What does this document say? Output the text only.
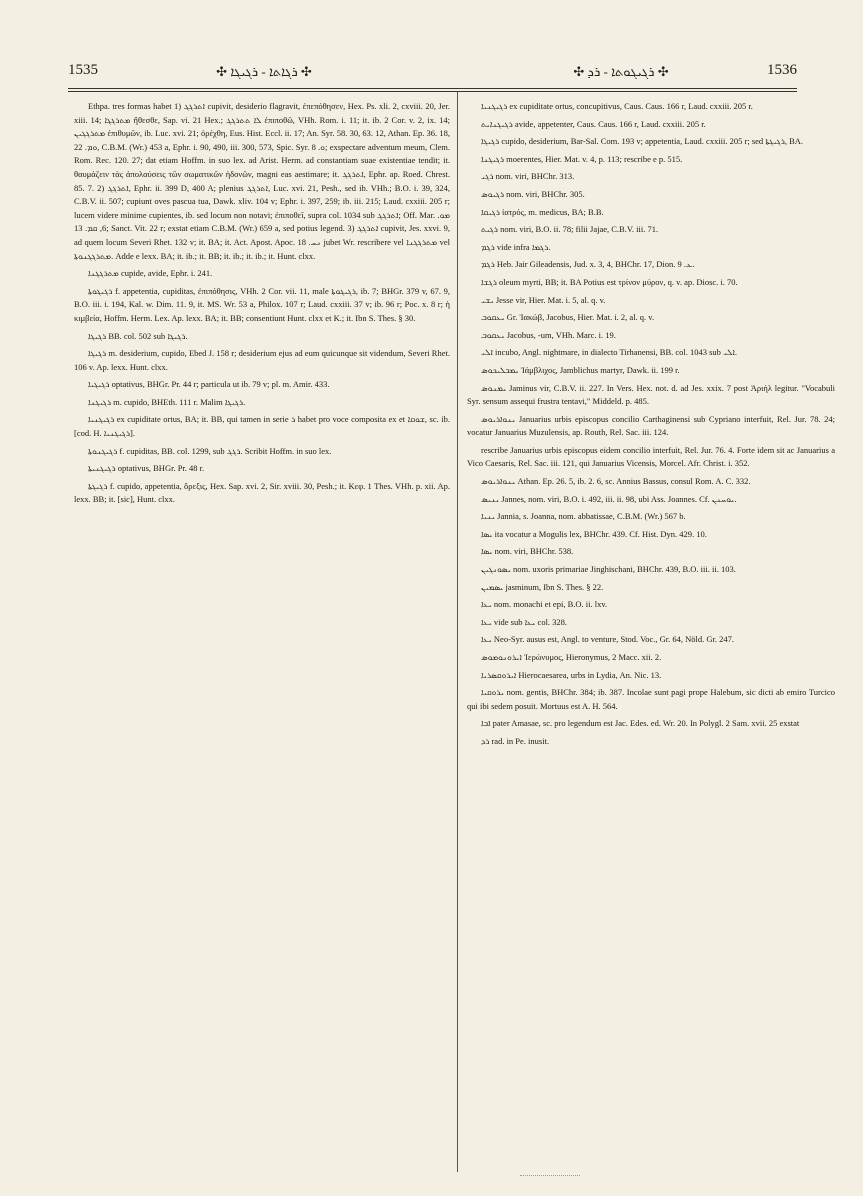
1535	✣ ܪܓܐܬܐ - ܪܓܝܓܐ ✣	✣ ܪܓܝܓܘܬܐ - ܪܕ ✣	1536

Ethpa. tres formas habet 1) ܐܬܪܓܓ cupivit, desiderio flagravit, ἐπεπόθησεν, Hex. Ps. xli. 2, cxviii. 20, Jer. xiii. 14; ܡܬܪܓܓܐ ἤθεσθε, Sap. vi. 21 Hex.; ܠܐ ܬܬܪܓܓ ἐπιποθῶ, VHh. Rom. i. 11; it. ib. 2 Cor. v. 2, ix. 14; ܡܬܪܓܓܝܢ ἐπιθυμῶν, ib. Luc. xvi. 21; ὀρέχθη, Eus. Hist. Eccl. ii. 17; An. Syr. 58. 30, 63. 12, Athan. Ep. 36. 18, ܘܡ. 22, C.B.M. (Wr.) 453 a, Ephr. i. 90, 490, iii. 300, 573, Spic. Syr. ܘ. 8; exspectare adventum meum, Clem. Rom. Rec. 120. 27; dat etiam Hoffm. in suo lex. ad Arist. Herm. ad constantiam suae existentiae tendit; it. θαυμάζειν τὰς ἀπολαύσεις τῶν σωματικῶν ἡδονῶν, magni eas aestimare; it. ܐܬܪܓܓ, Ephr. ap. Roed. Chrest. 85. 7. 2) ܐܬܪܓܓ, Ephr. ii. 399 D, 400 A; plenius ܐܬܪܓܓ, Luc. xvi. 21, Pesh., sed ib. VHh.; B.O. i. 39, 324, C.B.V. ii. 507; cupiunt oves pascua tua, Dawk. xliv. 104 v; Ephr. i. 397, 259; ib. iii. 215; Laud. cxxiii. 205 r; lucem videre minime cupientes, ib. sed locum non notavi; ἐπιποθεῖ, supra col. 1034 sub ܐܬܪܓܓ; Off. Mar. ܡܘ. 6, ܩܡ. 13; Sanct. Vit. 22 r; exstat etiam C.B.M. (Wr.) 659 a, sed potius legend. 3) ܐܬܪܓܓ cupivit, Jes. xxvi. 9, ad quem locum Severi Rhet. 132 v; it. BA; it. Act. Apost. Apoc. ܢܚ. 18 jubet Wr. rescribere vel ܡܬܪܓܓܢܐ vel ܡܬܪܓܓܢܘܬܐ. Adde e lexx. BA; it. ib.; it. BB; it. ib.; it. ib.; it. Hunt. clxx.

ܡܬܪܓܓܢܐ cupide, avide, Ephr. i. 241.

ܪܓܝܓܘܬܐ f. appetentia, cupiditas, ἐπιπόθησις, VHh. 2 Cor. vii. 11, male ܪܓܝܓܘܬܐ, ib. 7; BHGr. 379 v, 67. 9, B.O. iii. i. 194, Kal. w. Dim. 11. 9, it. MS. Wr. 53 a, Philox. 107 r; Laud. cxxiii. 37 v; ib. 96 r; Poc. x. 8 r; ἡ κιμβεία, Hoffm. Herm. Lex. Ap. lexx. BA; it. BB; consentiunt Hunt. clxx et K.; it. Ibn S. Thes. § 30.

ܪܓܝܓܐ BB. col. 502 sub ܪܓܝܓܐ.

ܪܓܝܓܐ m. desiderium, cupido, Ebed J. 158 r; desiderium ejus ad eum quicunque sit videndum, Severi Rhet. 106 v. Ap. lexx. Hunt. clxx.

ܪܓܝܓܝܐ optativus, BHGr. Pr. 44 r; particula ut ib. 79 v; pl. m. Amir. 433.

ܪܓܝܓܢܐ m. cupido, BHEth. 111 r. Malim ܪܓܝܓܐ.

ܪܓܝܓܢܝܐ ex cupiditate ortus, BA; it. BB, qui tamen in serie ܪ habet pro voce composita ex et ܫܘܩܐ, sc. ib. [cod. H. ܪܓܝܓܢܝܐ].

ܪܓܝܓܢܘܬܐ f. cupiditas, BB. col. 1299, sub ܪܓܓ. Scribit Hoffm. in suo lex.

ܪܓܝܓܢܝܬܐ optativus, BHGr. Pr. 48 r.

ܪܓܝܓܬܐ f. cupido, appetentia, ὄρεξις, Hex. Sap. xvi. 2, Sir. xviii. 30, Pesh.; it. Κεφ. 1 Thes. VHh. p. xii. Ap. lexx. BB; it. [sic], Hunt. clxx.

ܪܓܝܓܢܝܐ ex cupiditate ortus, concupitivus, Caus. Caus. 166 r, Laud. cxxiii. 205 r.

ܪܓܝܓܢܐܝܬ avide, appetenter, Caus. Caus. 166 r, Laud. cxxiii. 205 r.

ܪܓܝܓܐ cupido, desiderium, Bar-Sal. Com. 193 v; appetentia, Laud. cxxiii. 205 r; sed ܪܓܝܓܬܐ, BA.

ܪܓܝܓܢܐ moerentes, Hier. Mat. v. 4, p. 113; rescribe e p. 515.

ܪܓܝ nom. viri, BHChr. 313.

ܪܓܝܘܣ nom. viri, BHChr. 305.

ܪܓܝܩܐ ἰατρός, m. medicus, BA; B.B.

ܪܓܝܬ nom. viri, B.O. ii. 78; filii Jajae, C.B.V. iii. 71.

ܪܓܡ vide infra ܪܓܡܐ.

ܪܓܡ Heb. Jair Gileadensis, Jud. x. 3, 4, BHChr. 17, Dion. ܥ. 9.

ܪܓܫܐ oleum myrti, BB; it. BA Potius est τρίνον μύρον, q. v. ap. Diosc. i. 70.

ܝܫܝ Jesse vir, Hier. Mat. i. 5, al. q. v.

ܝܥܩܘܒ Gr. Ἰακώβ, Jacobus, Hier. Mat. i. 2, al. q. v.

ܝܥܩܘܒ Jacobus, -um, VHh. Marc. i. 19.

ܐܠܝ incubo, Angl. nightmare, in dialecto Tirhanensi, BB. col. 1043 sub ܐܠܝ.

ܝܡܒܠܝܟܘܣ Ἰάμβλιχος, Jamblichus martyr, Dawk. ii. 199 r.

ܝܡܢܘܣ Jaminus vir, C.B.V. ii. 227. In Vers. Hex. not. d. ad Jes. xxix. 7 post Ἀριήλ legitur. "Vocabuli Syr. sensum assequi frustra tentavi," Middeld. p. 485.

ܝܢܘܐܪܝܘܣ Januarius urbis episcopus concilio Carthaginensi sub Cypriano interfuit, Rel. Jur. 78. 24; vocatur Januarius Muzulensis, ap. Routh, Rel. Sac. iii. 124.

rescribe Januarius urbis episcopus eidem concilio interfuit, Rel. Jur. 76. 4. Forte idem sit ac Januarius a Vico Caesaris, Rel. Sac. iii. 121, qui Januarius Vicensis, Morcel. Afr. Christ. i. 352.

ܝܢܘܐܪܝܘܣ Athan. Ep. 26. 5, ib. 2. 6, sc. Annius Bassus, consul Rom. A. C. 332.

ܝܢܝܣ Jannes, nom. viri, B.O. i. 492, iii. ii. 98, ubi Ass. Joannes. Cf. ܝܘܚܢܢ.

ܝܢܝܐ Jannia, s. Joanna, nom. abbatissae, C.B.M. (Wr.) 567 b.

ܝܣܐ ita vocatur a Mogulis lex, BHChr. 439. Cf. Hist. Dyn. 429. 10.

ܝܣܐ nom. viri, BHChr. 538.

ܝܣܘܢܓܝܢ nom. uxoris primariae Jinghischani, BHChr. 439, B.O. iii. ii. 103.

ܝܣܡܝܢ jasminum, Ibn S. Thes. § 22.

ܝܥܐ nom. monachi et epi, B.O. ii. lxv.

ܝܥܐ vide sub ܝܥܐ col. 328.

ܝܥܐ Neo-Syr. ausus est, Angl. to venture, Stod. Voc., Gr. 64, Nöld. Gr. 247.

ܐܝܪܘܢܘܡܘܣ Ἱερώνυμος, Hieronymus, 2 Macc. xii. 2.

ܐܝܪܘܩܣܪܝܐ Hierocaesarea, urbs in Lydia, An. Nic. 13.

ܝܪܘܩܝܐ nom. gentis, BHChr. 384; ib. 387. Incolae sunt pagi prope Halebum, sic dicti ab emiro Turcico qui ibi sedem posuit. Mortuus est A. H. 564.

ܐܒܐ pater Amasae, sc. pro legendum est Jac. Edes. ed. Wr. 20. In Polygl. 2 Sam. xvii. 25 exstat

ܪܕ rad. in Pe. inusit.
